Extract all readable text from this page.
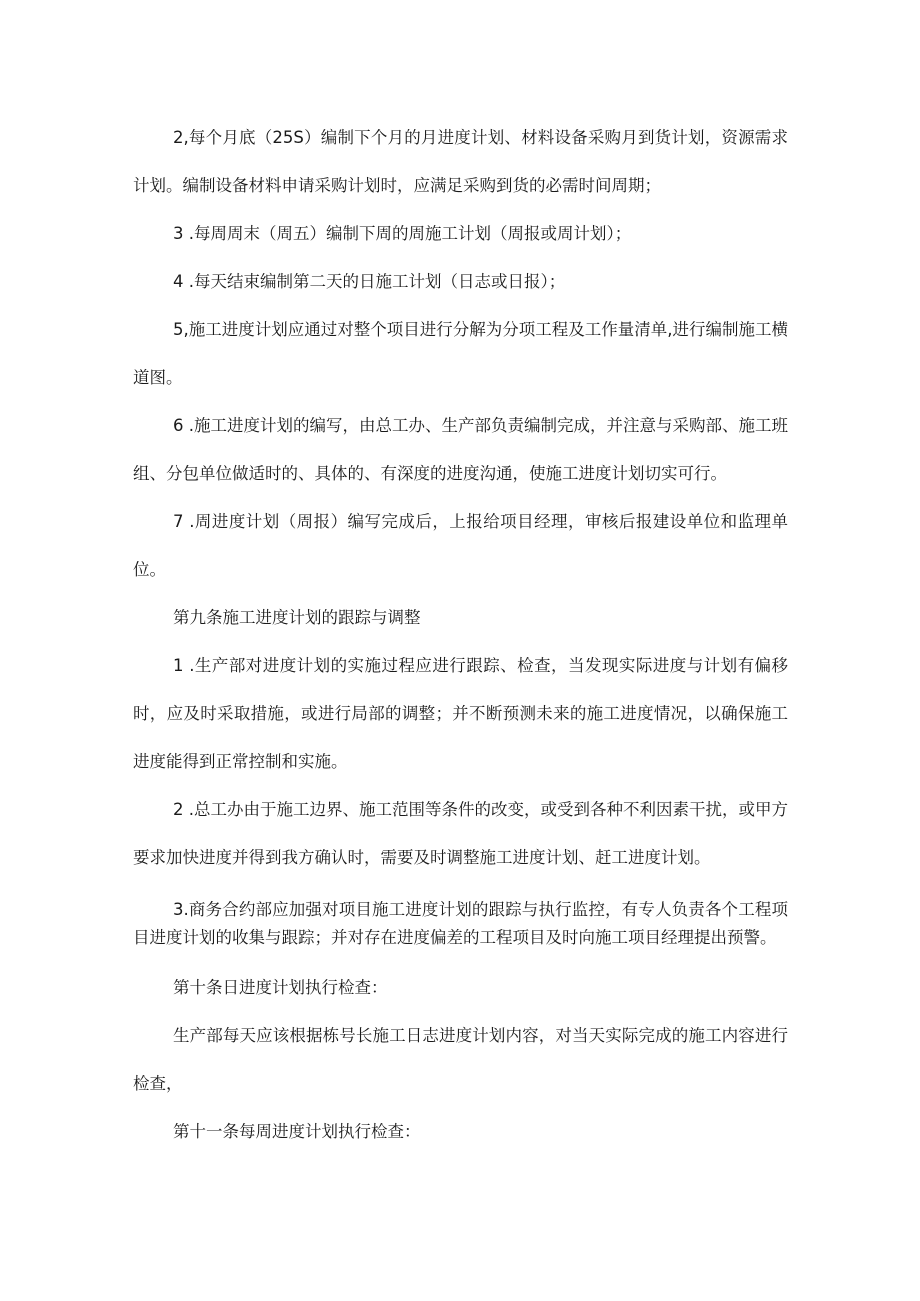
2,每个月底（25S）编制下个月的月进度计划、材料设备采购月到货计划，资源需求计划。编制设备材料申请采购计划时，应满足采购到货的必需时间周期；

3 .每周周末（周五）编制下周的周施工计划（周报或周计划）；

4 .每天结束编制第二天的日施工计划（日志或日报）；

5,施工进度计划应通过对整个项目进行分解为分项工程及工作量清单,进行编制施工横道图。

6 .施工进度计划的编写，由总工办、生产部负责编制完成，并注意与采购部、施工班组、分包单位做适时的、具体的、有深度的进度沟通，使施工进度计划切实可行。

7 .周进度计划（周报）编写完成后，上报给项目经理，审核后报建设单位和监理单位。

第九条施工进度计划的跟踪与调整

1 .生产部对进度计划的实施过程应进行跟踪、检查，当发现实际进度与计划有偏移时，应及时采取措施，或进行局部的调整；并不断预测未来的施工进度情况，以确保施工进度能得到正常控制和实施。

2 .总工办由于施工边界、施工范围等条件的改变，或受到各种不利因素干扰，或甲方要求加快进度并得到我方确认时，需要及时调整施工进度计划、赶工进度计划。

3.商务合约部应加强对项目施工进度计划的跟踪与执行监控，有专人负责各个工程项目进度计划的收集与跟踪；并对存在进度偏差的工程项目及时向施工项目经理提出预警。

第十条日进度计划执行检查：

生产部每天应该根据栋号长施工日志进度计划内容，对当天实际完成的施工内容进行检查，

第十一条每周进度计划执行检查：
